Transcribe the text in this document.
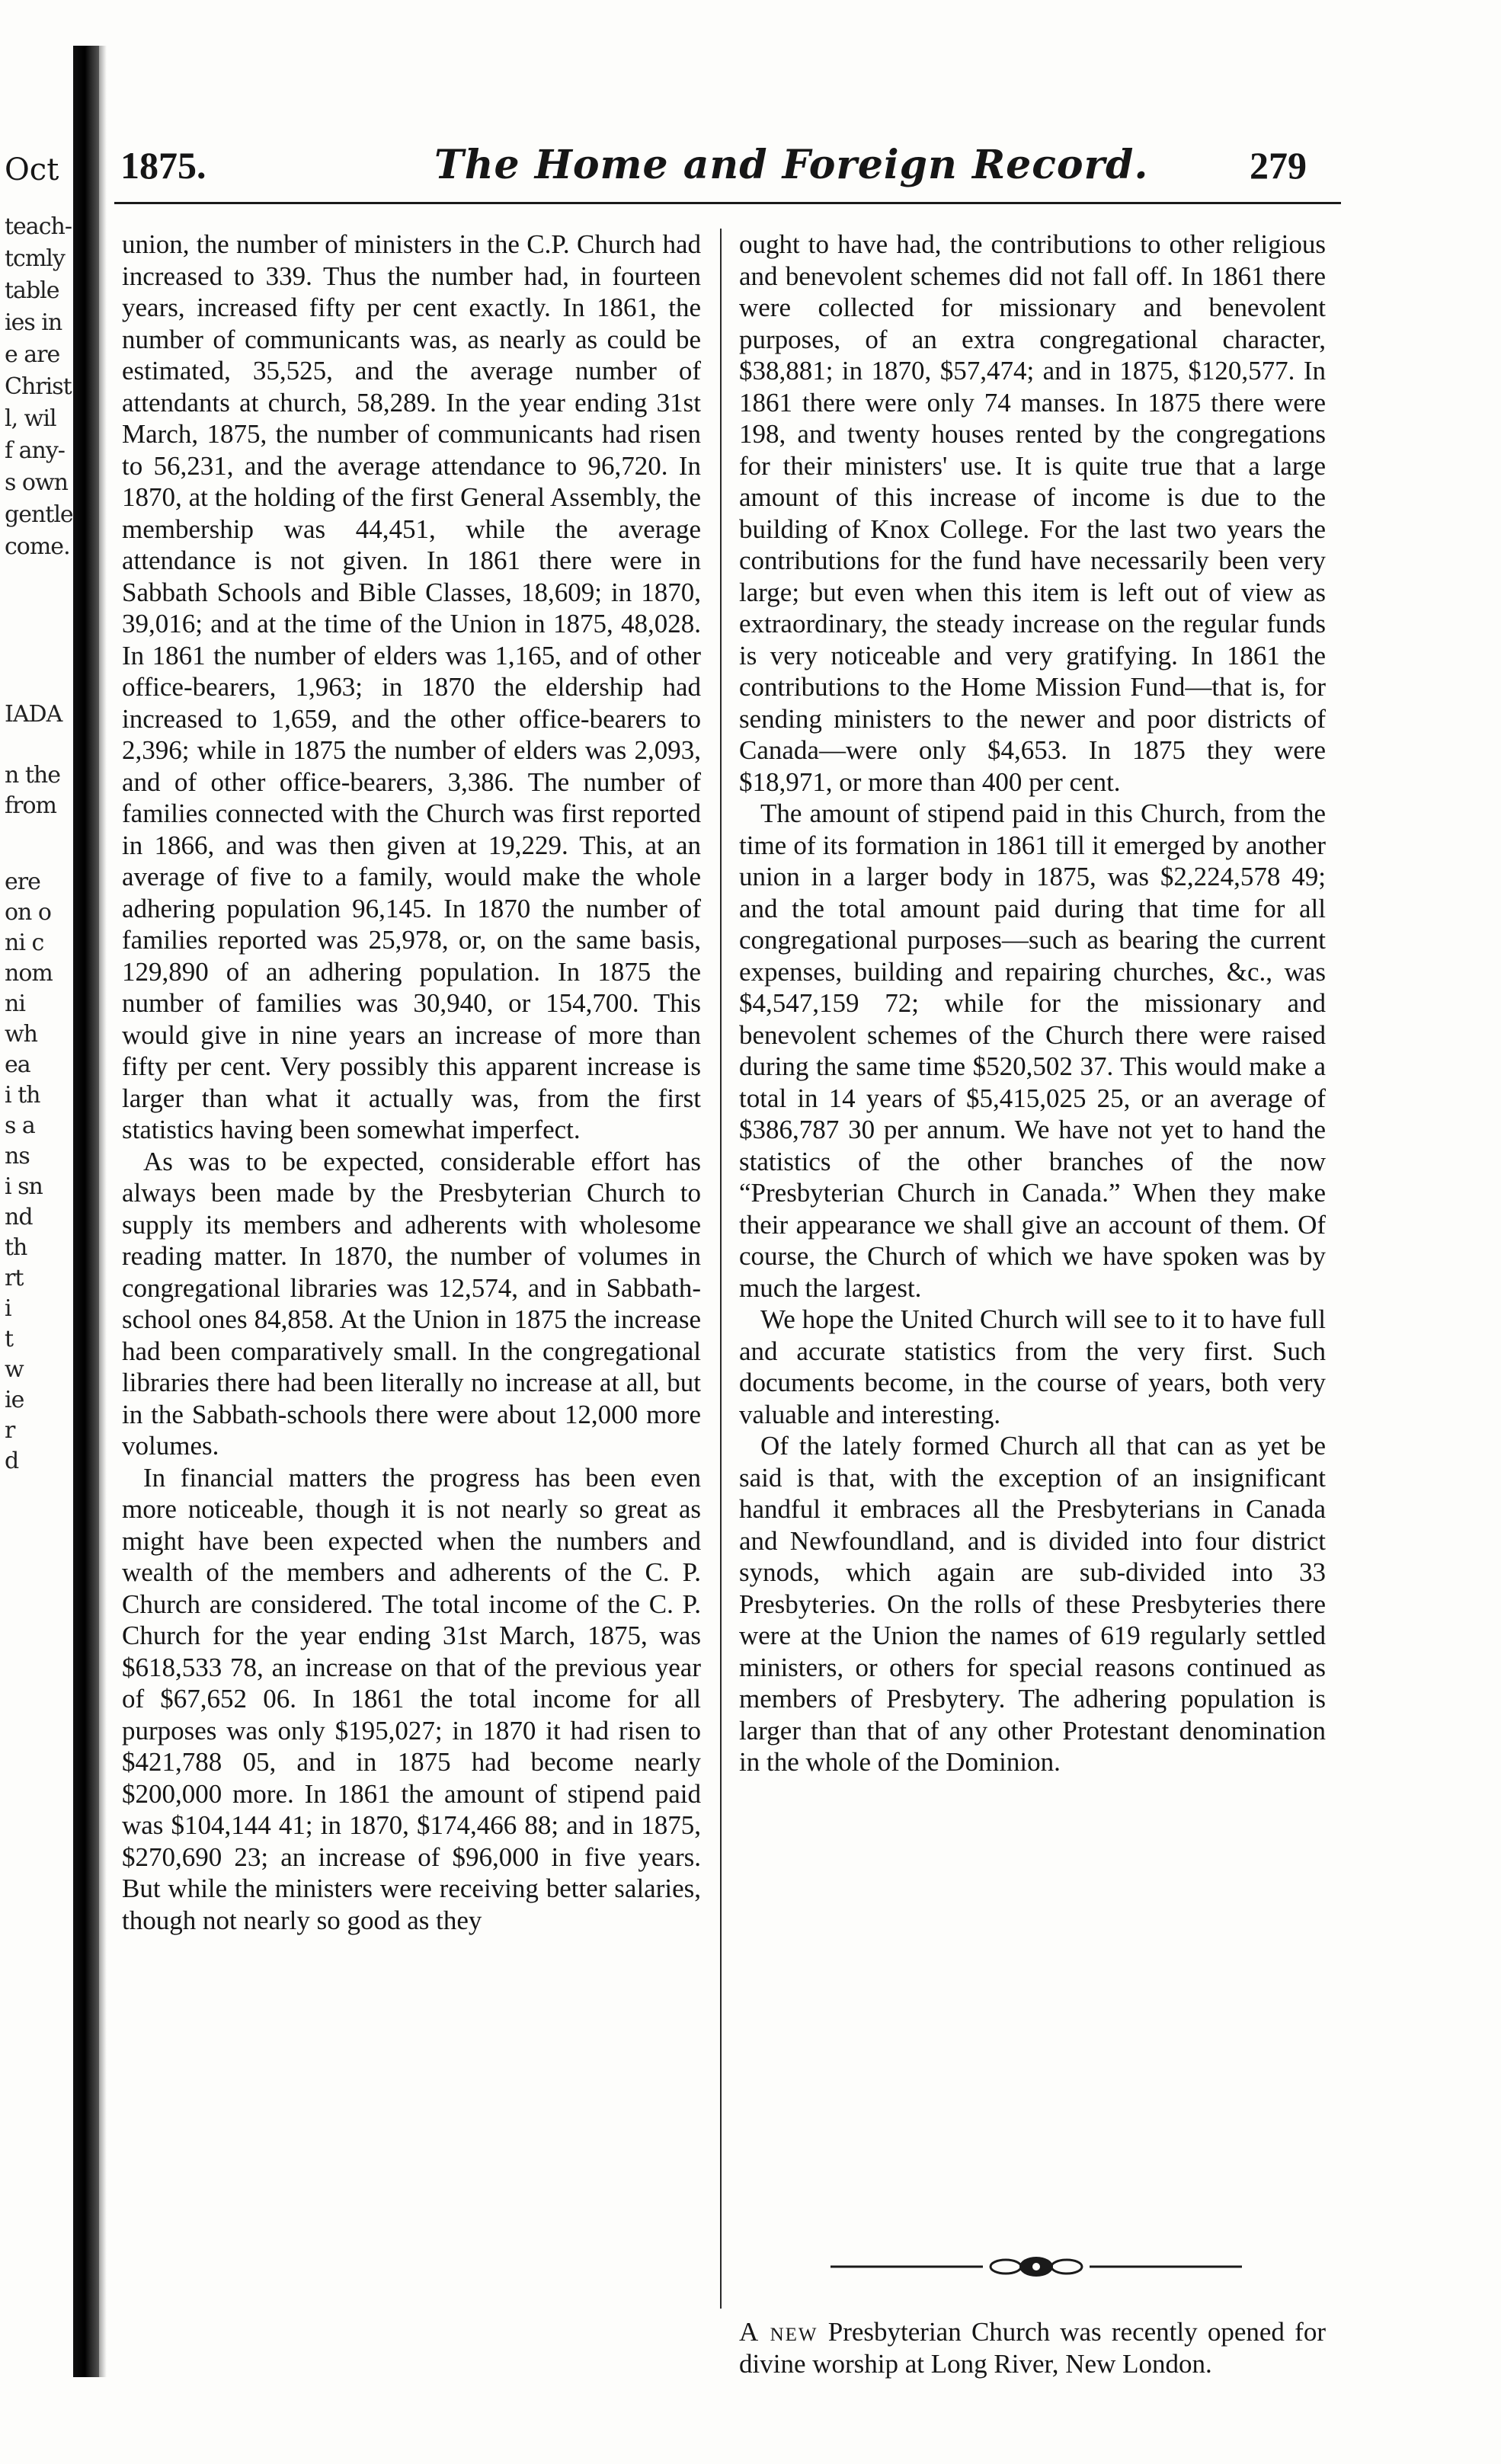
Oct 1875.	The Home and Foreign Record.	279
teach-
tcmly
table
ies in
e are
Christ
l, wil
f any-
s own
gentle
come.
IADA
n the
from
ere
on o
ni c
nom
ni
wh
ea
i th
s a
ns
i sn
nd
th
rt
i
t
w
ie
r
d

union, the number of ministers in the C.P. Church had increased to 339. Thus the number had, in fourteen years, increased fifty per cent exactly. In 1861, the number of communicants was, as nearly as could be estimated, 35,525, and the average number of attendants at church, 58,289. In the year ending 31st March, 1875, the number of communicants had risen to 56,231, and the average attendance to 96,720. In 1870, at the holding of the first General Assembly, the membership was 44,451, while the average attendance is not given. In 1861 there were in Sabbath Schools and Bible Classes, 18,609; in 1870, 39,016; and at the time of the Union in 1875, 48,028. In 1861 the number of elders was 1,165, and of other office-bearers, 1,963; in 1870 the eldership had increased to 1,659, and the other office-bearers to 2,396; while in 1875 the number of elders was 2,093, and of other office-bearers, 3,386. The number of families connected with the Church was first reported in 1866, and was then given at 19,229. This, at an average of five to a family, would make the whole adhering population 96,145. In 1870 the number of families reported was 25,978, or, on the same basis, 129,890 of an adhering population. In 1875 the number of families was 30,940, or 154,700. This would give in nine years an increase of more than fifty per cent. Very possibly this apparent increase is larger than what it actually was, from the first statistics having been somewhat imperfect.

As was to be expected, considerable effort has always been made by the Presbyterian Church to supply its members and adherents with wholesome reading matter. In 1870, the number of volumes in congregational libraries was 12,574, and in Sabbath-school ones 84,858. At the Union in 1875 the increase had been comparatively small. In the congregational libraries there had been literally no increase at all, but in the Sabbath-schools there were about 12,000 more volumes.

In financial matters the progress has been even more noticeable, though it is not nearly so great as might have been expected when the numbers and wealth of the members and adherents of the C. P. Church are considered. The total income of the C. P. Church for the year ending 31st March, 1875, was $618,533 78, an increase on that of the previous year of $67,652 06. In 1861 the total income for all purposes was only $195,027; in 1870 it had risen to $421,788 05, and in 1875 had become nearly $200,000 more. In 1861 the amount of stipend paid was $104,144 41; in 1870, $174,466 88; and in 1875, $270,690 23; an increase of $96,000 in five years. But while the ministers were receiving better salaries, though not nearly so good as they

ought to have had, the contributions to other religious and benevolent schemes did not fall off. In 1861 there were collected for missionary and benevolent purposes, of an extra congregational character, $38,881; in 1870, $57,474; and in 1875, $120,577. In 1861 there were only 74 manses. In 1875 there were 198, and twenty houses rented by the congregations for their ministers' use. It is quite true that a large amount of this increase of income is due to the building of Knox College. For the last two years the contributions for the fund have necessarily been very large; but even when this item is left out of view as extraordinary, the steady increase on the regular funds is very noticeable and very gratifying. In 1861 the contributions to the Home Mission Fund—that is, for sending ministers to the newer and poor districts of Canada—were only $4,653. In 1875 they were $18,971, or more than 400 per cent.

The amount of stipend paid in this Church, from the time of its formation in 1861 till it emerged by another union in a larger body in 1875, was $2,224,578 49; and the total amount paid during that time for all congregational purposes—such as bearing the current expenses, building and repairing churches, &c., was $4,547,159 72; while for the missionary and benevolent schemes of the Church there were raised during the same time $520,502 37. This would make a total in 14 years of $5,415,025 25, or an average of $386,787 30 per annum. We have not yet to hand the statistics of the other branches of the now “Presbyterian Church in Canada.” When they make their appearance we shall give an account of them. Of course, the Church of which we have spoken was by much the largest.

We hope the United Church will see to it to have full and accurate statistics from the very first. Such documents become, in the course of years, both very valuable and interesting.

Of the lately formed Church all that can as yet be said is that, with the exception of an insignificant handful it embraces all the Presbyterians in Canada and Newfoundland, and is divided into four district synods, which again are sub-divided into 33 Presbyteries. On the rolls of these Presbyteries there were at the Union the names of 619 regularly settled ministers, or others for special reasons continued as members of Presbytery. The adhering population is larger than that of any other Protestant denomination in the whole of the Dominion.

A new Presbyterian Church was recently opened for divine worship at Long River, New London.
